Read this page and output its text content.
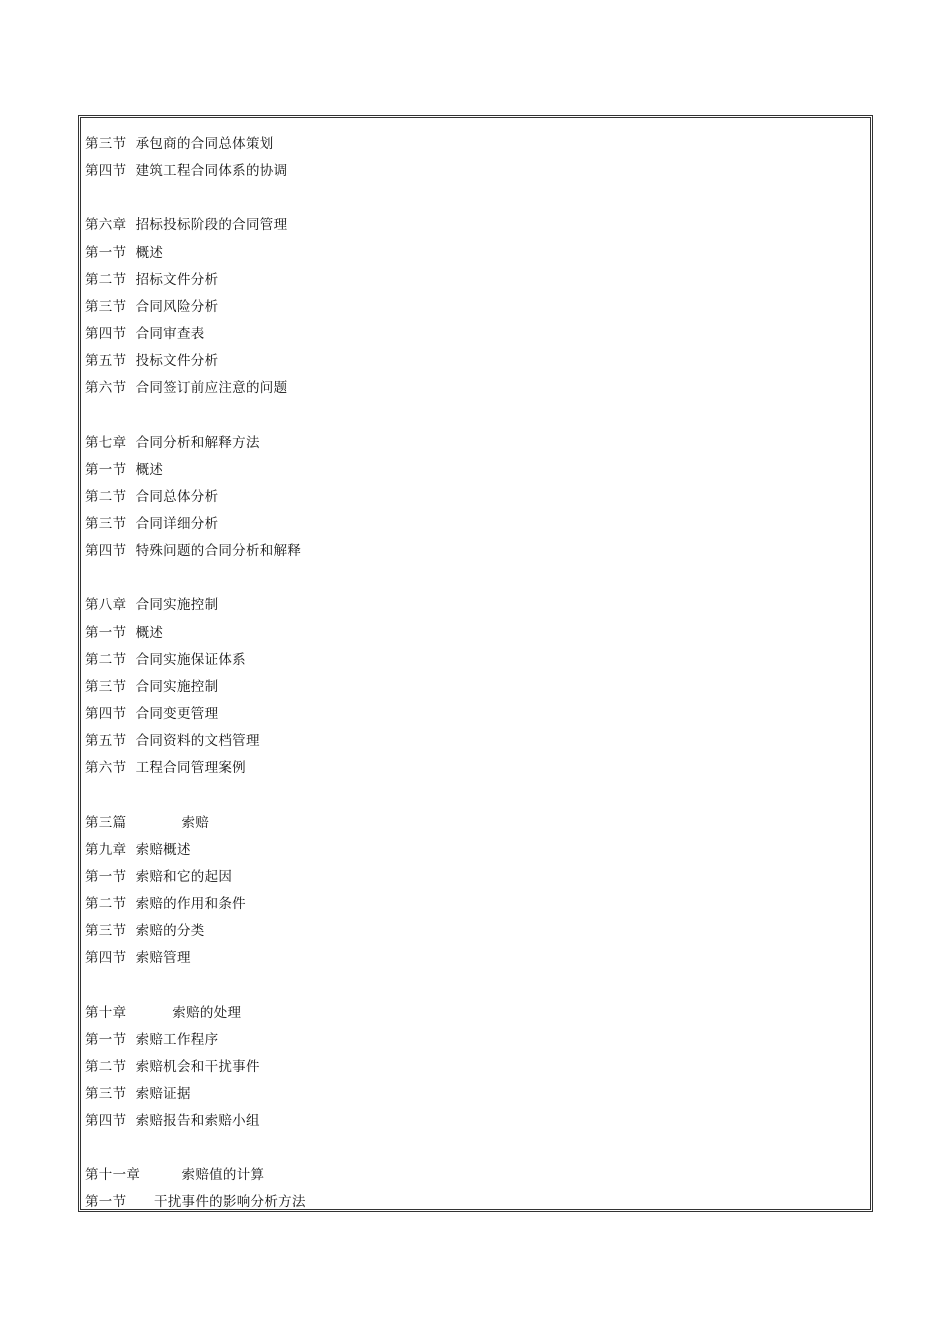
第三节  承包商的合同总体策划
第四节  建筑工程合同体系的协调
第六章  招标投标阶段的合同管理
第一节  概述
第二节  招标文件分析
第三节  合同风险分析
第四节  合同审查表
第五节  投标文件分析
第六节  合同签订前应注意的问题
第七章  合同分析和解释方法
第一节  概述
第二节  合同总体分析
第三节  合同详细分析
第四节  特殊问题的合同分析和解释
第八章  合同实施控制
第一节  概述
第二节  合同实施保证体系
第三节  合同实施控制
第四节  合同变更管理
第五节  合同资料的文档管理
第六节  工程合同管理案例
第三篇            索赔
第九章  索赔概述
第一节  索赔和它的起因
第二节  索赔的作用和条件
第三节  索赔的分类
第四节  索赔管理
第十章          索赔的处理
第一节  索赔工作程序
第二节  索赔机会和干扰事件
第三节  索赔证据
第四节  索赔报告和索赔小组
第十一章         索赔值的计算
第一节      干扰事件的影响分析方法
